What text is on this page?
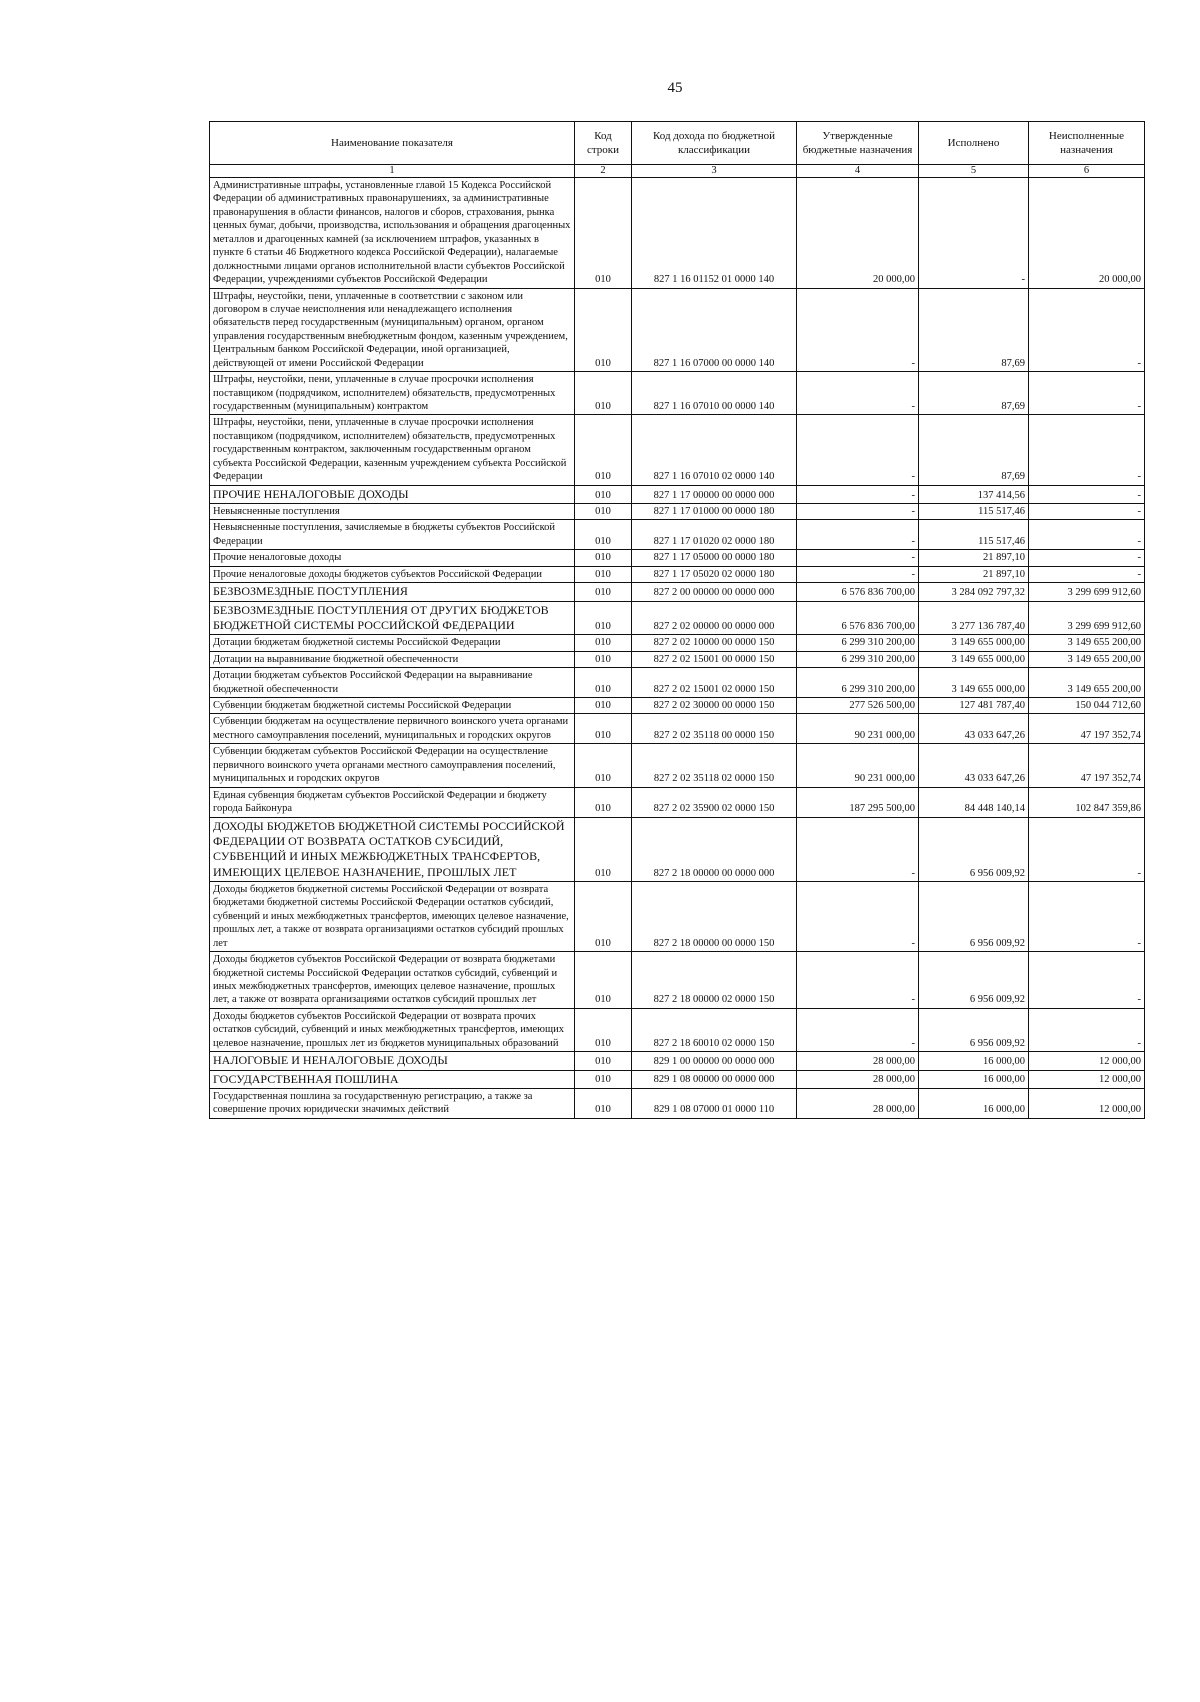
45
Наименование показателя	Код строки	Код дохода по бюджетной классификации	Утвержденные бюджетные назначения	Исполнено	Неисполненные назначения
1	2	3	4	5	6
Административные штрафы, установленные главой 15 Кодекса Российской Федерации об административных правонарушениях, за административные правонарушения в области финансов, налогов и сборов, страхования, рынка ценных бумаг, добычи, производства, использования и обращения драгоценных металлов и драгоценных камней (за исключением штрафов, указанных в пункте 6 статьи 46 Бюджетного кодекса Российской Федерации), налагаемые должностными лицами органов исполнительной власти субъектов Российской Федерации, учреждениями субъектов Российской Федерации	010	827 1 16 01152 01 0000 140	20 000,00	-	20 000,00
Штрафы, неустойки, пени, уплаченные в соответствии с законом или договором в случае неисполнения или ненадлежащего исполнения обязательств перед государственным (муниципальным) органом, органом управления государственным внебюджетным фондом, казенным учреждением, Центральным банком Российской Федерации, иной организацией, действующей от имени Российской Федерации	010	827 1 16 07000 00 0000 140	-	87,69	-
Штрафы, неустойки, пени, уплаченные в случае просрочки исполнения поставщиком (подрядчиком, исполнителем) обязательств, предусмотренных государственным (муниципальным) контрактом	010	827 1 16 07010 00 0000 140	-	87,69	-
Штрафы, неустойки, пени, уплаченные в случае просрочки исполнения поставщиком (подрядчиком, исполнителем) обязательств, предусмотренных государственным контрактом, заключенным государственным органом субъекта Российской Федерации, казенным учреждением субъекта Российской Федерации	010	827 1 16 07010 02 0000 140	-	87,69	-
ПРОЧИЕ НЕНАЛОГОВЫЕ ДОХОДЫ	010	827 1 17 00000 00 0000 000	-	137 414,56	-
Невыясненные поступления	010	827 1 17 01000 00 0000 180	-	115 517,46	-
Невыясненные поступления, зачисляемые в бюджеты субъектов Российской Федерации	010	827 1 17 01020 02 0000 180	-	115 517,46	-
Прочие неналоговые доходы	010	827 1 17 05000 00 0000 180	-	21 897,10	-
Прочие неналоговые доходы бюджетов субъектов Российской Федерации	010	827 1 17 05020 02 0000 180	-	21 897,10	-
БЕЗВОЗМЕЗДНЫЕ ПОСТУПЛЕНИЯ	010	827 2 00 00000 00 0000 000	6 576 836 700,00	3 284 092 797,32	3 299 699 912,60
БЕЗВОЗМЕЗДНЫЕ ПОСТУПЛЕНИЯ ОТ ДРУГИХ БЮДЖЕТОВ БЮДЖЕТНОЙ СИСТЕМЫ РОССИЙСКОЙ ФЕДЕРАЦИИ	010	827 2 02 00000 00 0000 000	6 576 836 700,00	3 277 136 787,40	3 299 699 912,60
Дотации бюджетам бюджетной системы Российской Федерации	010	827 2 02 10000 00 0000 150	6 299 310 200,00	3 149 655 000,00	3 149 655 200,00
Дотации на выравнивание бюджетной обеспеченности	010	827 2 02 15001 00 0000 150	6 299 310 200,00	3 149 655 000,00	3 149 655 200,00
Дотации бюджетам субъектов Российской Федерации на выравнивание бюджетной обеспеченности	010	827 2 02 15001 02 0000 150	6 299 310 200,00	3 149 655 000,00	3 149 655 200,00
Субвенции бюджетам бюджетной системы Российской Федерации	010	827 2 02 30000 00 0000 150	277 526 500,00	127 481 787,40	150 044 712,60
Субвенции бюджетам на осуществление первичного воинского учета органами местного самоуправления поселений, муниципальных и городских округов	010	827 2 02 35118 00 0000 150	90 231 000,00	43 033 647,26	47 197 352,74
Субвенции бюджетам субъектов Российской Федерации на осуществление первичного воинского учета органами местного самоуправления поселений, муниципальных и городских округов	010	827 2 02 35118 02 0000 150	90 231 000,00	43 033 647,26	47 197 352,74
Единая субвенция бюджетам субъектов Российской Федерации и бюджету города Байконура	010	827 2 02 35900 02 0000 150	187 295 500,00	84 448 140,14	102 847 359,86
ДОХОДЫ БЮДЖЕТОВ БЮДЖЕТНОЙ СИСТЕМЫ РОССИЙСКОЙ ФЕДЕРАЦИИ ОТ ВОЗВРАТА ОСТАТКОВ СУБСИДИЙ, СУБВЕНЦИЙ И ИНЫХ МЕЖБЮДЖЕТНЫХ ТРАНСФЕРТОВ, ИМЕЮЩИХ ЦЕЛЕВОЕ НАЗНАЧЕНИЕ, ПРОШЛЫХ ЛЕТ	010	827 2 18 00000 00 0000 000	-	6 956 009,92	-
Доходы бюджетов бюджетной системы Российской Федерации от возврата бюджетами бюджетной системы Российской Федерации остатков субсидий, субвенций и иных межбюджетных трансфертов, имеющих целевое назначение, прошлых лет, а также от возврата организациями остатков субсидий прошлых лет	010	827 2 18 00000 00 0000 150	-	6 956 009,92	-
Доходы бюджетов субъектов Российской Федерации от возврата бюджетами бюджетной системы Российской Федерации остатков субсидий, субвенций и иных межбюджетных трансфертов, имеющих целевое назначение, прошлых лет, а также от возврата организациями остатков субсидий прошлых лет	010	827 2 18 00000 02 0000 150	-	6 956 009,92	-
Доходы бюджетов субъектов Российской Федерации от возврата прочих остатков субсидий, субвенций и иных межбюджетных трансфертов, имеющих целевое назначение, прошлых лет из бюджетов муниципальных образований	010	827 2 18 60010 02 0000 150	-	6 956 009,92	-
НАЛОГОВЫЕ И НЕНАЛОГОВЫЕ ДОХОДЫ	010	829 1 00 00000 00 0000 000	28 000,00	16 000,00	12 000,00
ГОСУДАРСТВЕННАЯ ПОШЛИНА	010	829 1 08 00000 00 0000 000	28 000,00	16 000,00	12 000,00
Государственная пошлина за государственную регистрацию, а также за совершение прочих юридически значимых действий	010	829 1 08 07000 01 0000 110	28 000,00	16 000,00	12 000,00
